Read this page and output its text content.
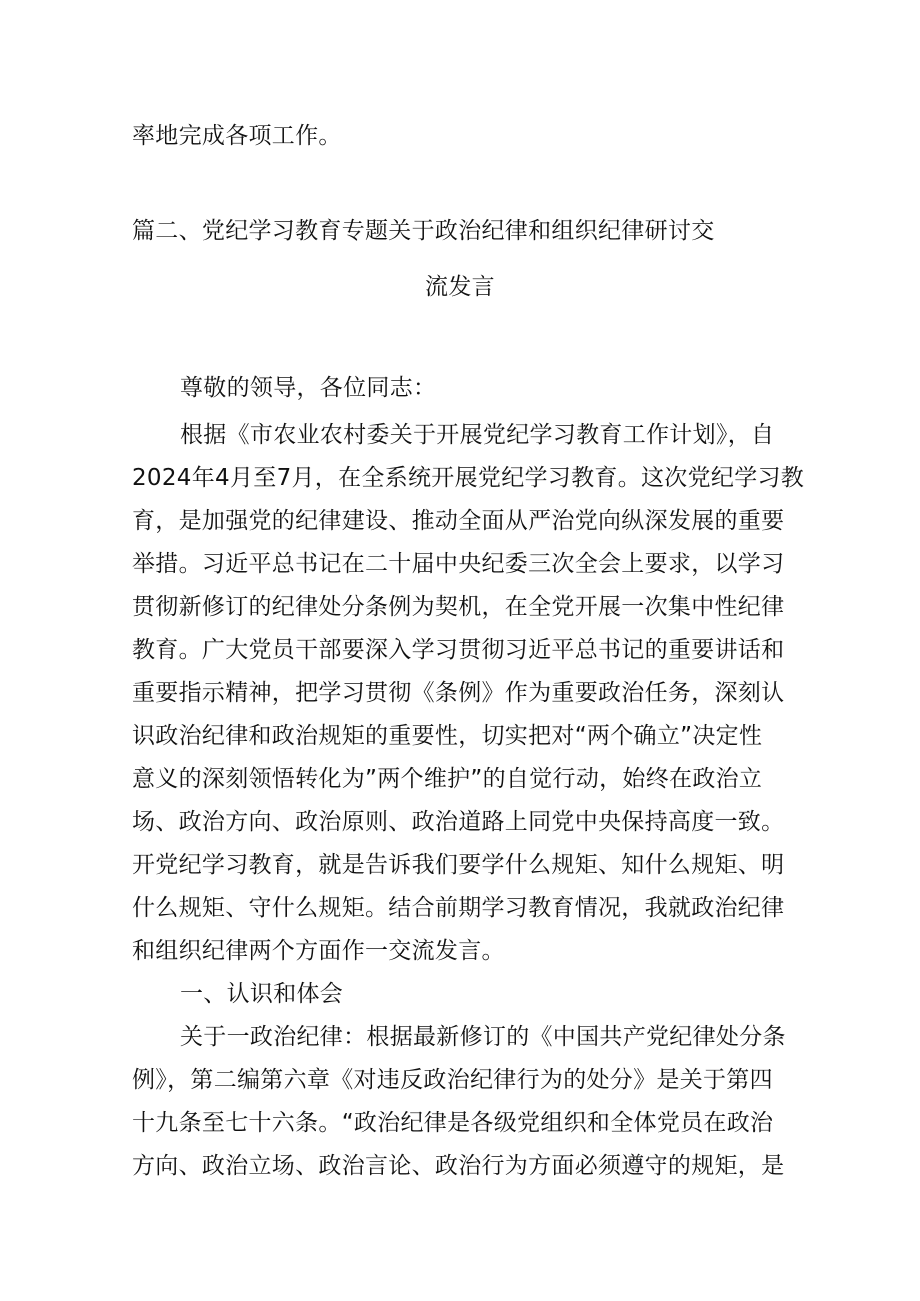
率地完成各项工作。
篇二、党纪学习教育专题关于政治纪律和组织纪律研讨交
流发言
尊敬的领导，各位同志：
根据《市农业农村委关于开展党纪学习教育工作计划》，自
2024年4月至7月，在全系统开展党纪学习教育。这次党纪学习教
育，是加强党的纪律建设、推动全面从严治党向纵深发展的重要
举措。习近平总书记在二十届中央纪委三次全会上要求，以学习
贯彻新修订的纪律处分条例为契机，在全党开展一次集中性纪律
教育。广大党员干部要深入学习贯彻习近平总书记的重要讲话和
重要指示精神，把学习贯彻《条例》作为重要政治任务，深刻认
识政治纪律和政治规矩的重要性，切实把对“两个确立”决定性
意义的深刻领悟转化为”两个维护”的自觉行动，始终在政治立
场、政治方向、政治原则、政治道路上同党中央保持高度一致。
开党纪学习教育，就是告诉我们要学什么规矩、知什么规矩、明
什么规矩、守什么规矩。结合前期学习教育情况，我就政治纪律
和组织纪律两个方面作一交流发言。
一、认识和体会
关于一政治纪律：根据最新修订的《中国共产党纪律处分条
例》，第二编第六章《对违反政治纪律行为的处分》是关于第四
十九条至七十六条。“政治纪律是各级党组织和全体党员在政治
方向、政治立场、政治言论、政治行为方面必须遵守的规矩，是
